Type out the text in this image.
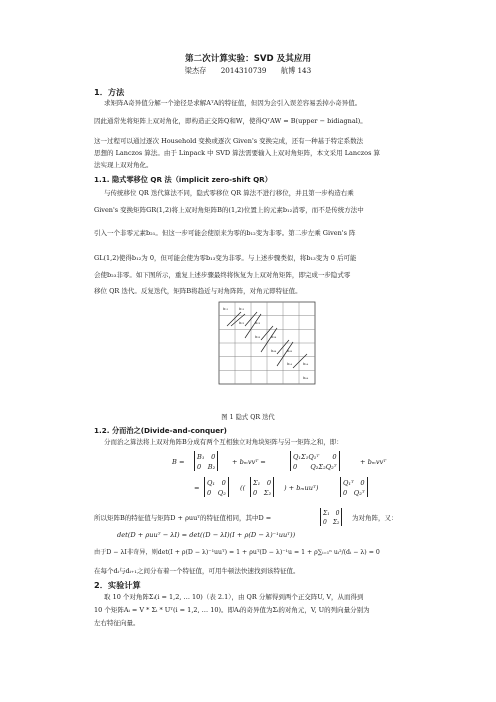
第二次计算实验：SVD 及其应用
梁杰存　　2014310739　　航博 143
1．方法
求矩阵A奇异值分解一个途径是求解AᵀA的特征值，但因为会引入误差容易丢掉小奇异值。
因此通常先将矩阵上双对角化，即构造正交阵Q和W，使得QᵀAW = B(upper − bidiagnal)。
这一过程可以通过逐次 Household 变换或逐次 Given's 变换完成，还有一种基于特定系数法
思想的 Lanczos 算法。由于 Linpack 中 SVD 算法需要输入上双对角矩阵，本文采用 Lanczos 算
法实现上双对角化。
1.1. 隐式零移位 QR 法（implicit zero-shift QR）
与传统移位 QR 迭代算法不同，隐式零移位 QR 算法不进行移位，并且第一步构造右乘
Given's 变换矩阵GR(1,2)将上双对角矩阵B的(1,2)位置上的元素b₁₂消零，而不是传统方法中
引入一个非零元素b₂₁。但这一步可能会使原来为零的b₁₂变为非零。第二步左乘 Given's 阵
GL(1,2)使得b₁₂为 0，但可能会使为零b₁₃变为非零。与上述步骤类似，将b₁₃变为 0 后可能
会使b₂₃非零。如下图所示，重复上述步骤最终将恢复为上双对角矩阵，即完成一步隐式零
移位 QR 迭代。反复迭代，矩阵B将趋近与对角阵阵，对角元即特征值。
b₁₁	b₁₂
b₂₂	b₂₃
b₃₃	b₃₄
b₄₄	b₄₅
b₅₅	b₅₆
b₆₆
图 1 隐式 QR 迭代
1.2. 分而治之(Divide-and-conquer)
分而治之算法将上双对角阵B分成有两个互相独立对角块矩阵与另一矩阵之和，即：
B =
B₁　0
0　B₂
+ bₘvvᵀ =
Q₁Σ₁Q₁ᵀ　　0
0　　Q₂Σ₂Q₂ᵀ
+ bₘvvᵀ
=
Q₁　0
0　Q₂
((
Σ₁　0
0　Σ₂
) + bₘuuᵀ)
Q₁ᵀ　0
0　Q₂ᵀ
所以矩阵B的特征值与矩阵D + ρuuᵀ的特征值相同，其中D =
Σ₁　0
0　Σ₂
为对角阵，又：
det(D + ρuuᵀ − λI) = det((D − λI)(I + ρ(D − λ)⁻¹uuᵀ))
由于D − λI非奇异，则det(I + ρ(D − λ)⁻¹uuᵀ) = 1 + ρuᵀ(D − λ)⁻¹u = 1 + ρ∑ᵢ₌₁ⁿ uᵢ²/(dᵢ − λ) = 0
在每个dᵢ与dᵢ₊₁之间分布着一个特征值，可用牛顿法快速找到该特征值。
2．实验计算
取 10 个对角阵Σᵢ(i = 1,2, … 10)（表 2.1），由 QR 分解得到两个正交阵U, V，从而得到
10 个矩阵Aᵢ = V * Σᵢ * Uᵀ(i = 1,2, … 10)。即Aᵢ的奇异值为Σᵢ的对角元，V, U的列向量分别为
左右特征向量。
